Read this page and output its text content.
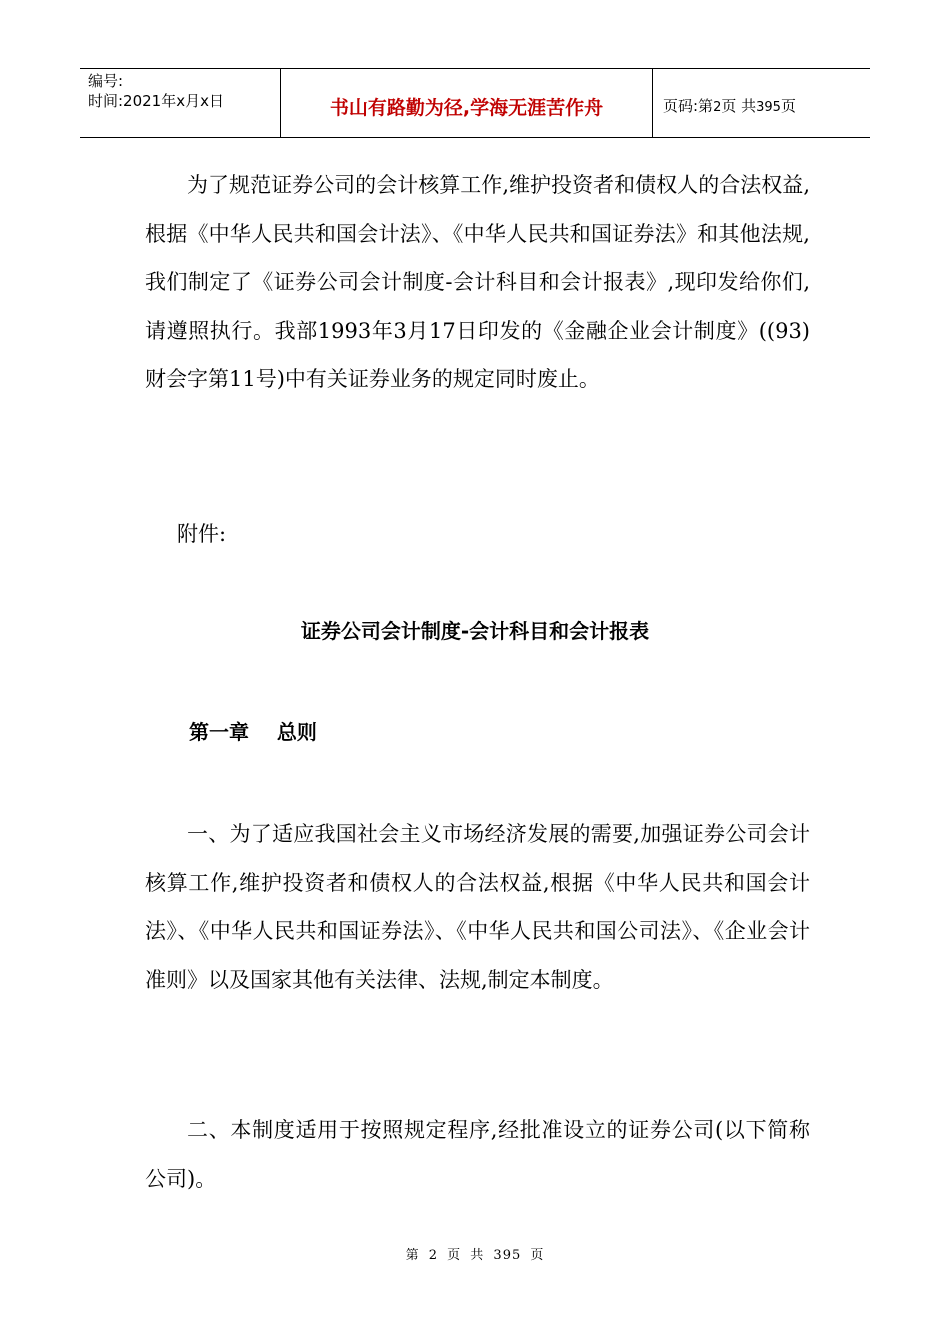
编号:
时间:2021年x月x日	书山有路勤为径,学海无涯苦作舟	页码:第2页 共395页

为了规范证券公司的会计核算工作,维护投资者和债权人的合法权益,根据《中华人民共和国会计法》、《中华人民共和国证券法》和其他法规,我们制定了《证券公司会计制度-会计科目和会计报表》,现印发给你们,请遵照执行。我部1993年3月17日印发的《金融企业会计制度》((93)财会字第11号)中有关证券业务的规定同时废止。

附件:

证券公司会计制度-会计科目和会计报表

第一章    总则

一、为了适应我国社会主义市场经济发展的需要,加强证券公司会计核算工作,维护投资者和债权人的合法权益,根据《中华人民共和国会计法》、《中华人民共和国证券法》、《中华人民共和国公司法》、《企业会计准则》以及国家其他有关法律、法规,制定本制度。

二、本制度适用于按照规定程序,经批准设立的证券公司(以下简称公司)。

第 2 页 共 395 页
